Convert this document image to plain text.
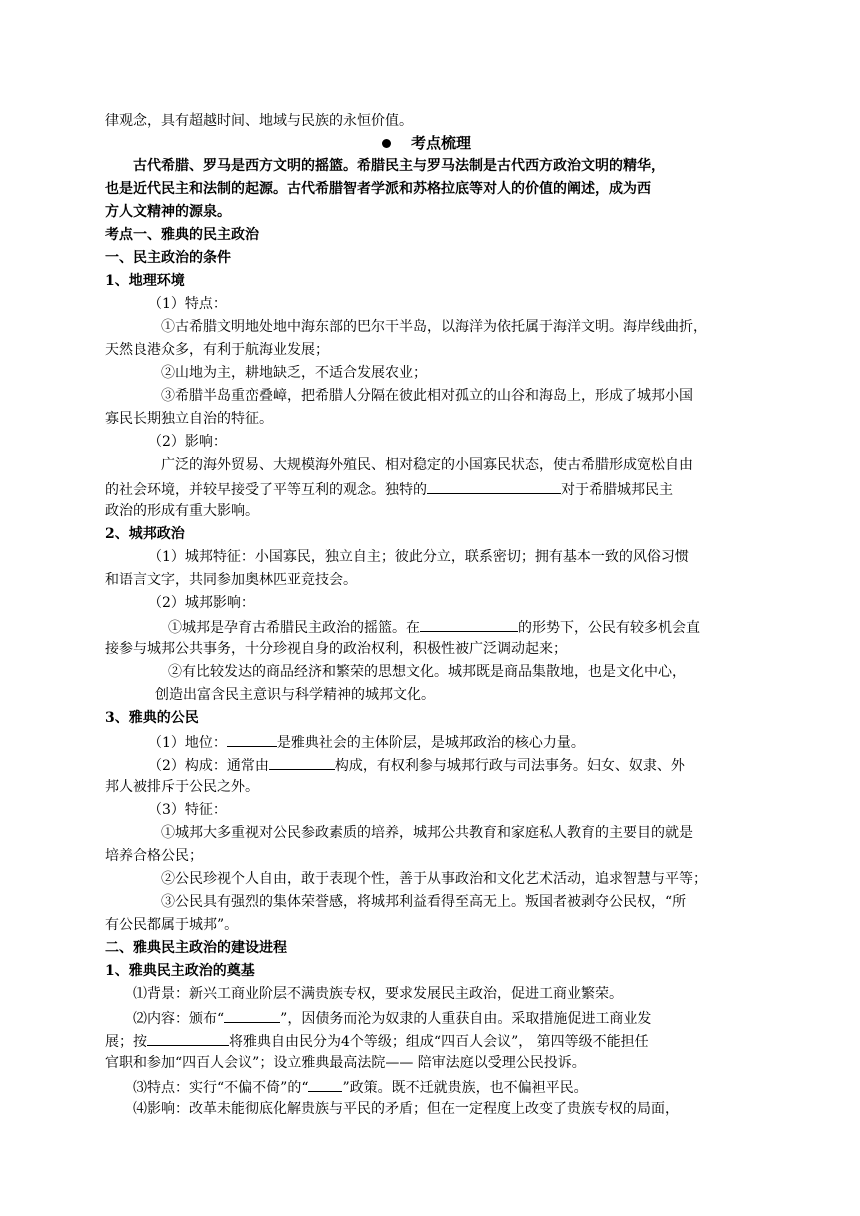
律观念，具有超越时间、地域与民族的永恒价值。
考点梳理
古代希腊、罗马是西方文明的摇篮。希腊民主与罗马法制是古代西方政治文明的精华，
也是近代民主和法制的起源。古代希腊智者学派和苏格拉底等对人的价值的阐述，成为西
方人文精神的源泉。
考点一、雅典的民主政治
一、民主政治的条件
1、地理环境
（1）特点：
①古希腊文明地处地中海东部的巴尔干半岛，以海洋为依托属于海洋文明。海岸线曲折，
天然良港众多，有利于航海业发展；
②山地为主，耕地缺乏，不适合发展农业；
③希腊半岛重峦叠嶂，把希腊人分隔在彼此相对孤立的山谷和海岛上，形成了城邦小国
寡民长期独立自治的特征。
（2）影响：
广泛的海外贸易、大规模海外殖民、相对稳定的小国寡民状态，使古希腊形成宽松自由
的社会环境，并较早接受了平等互利的观念。独特的	对于希腊城邦民主
政治的形成有重大影响。
2、城邦政治
（1）城邦特征：小国寡民，独立自主；彼此分立，联系密切；拥有基本一致的风俗习惯
和语言文字，共同参加奥林匹亚竞技会。
（2）城邦影响：
①城邦是孕育古希腊民主政治的摇篮。在	的形势下，公民有较多机会直
接参与城邦公共事务，十分珍视自身的政治权利，积极性被广泛调动起来；
②有比较发达的商品经济和繁荣的思想文化。城邦既是商品集散地，也是文化中心，
创造出富含民主意识与科学精神的城邦文化。
3、雅典的公民
（1）地位：	是雅典社会的主体阶层，是城邦政治的核心力量。
（2）构成：通常由	构成，有权利参与城邦行政与司法事务。妇女、奴隶、外
邦人被排斥于公民之外。
（3）特征：
①城邦大多重视对公民参政素质的培养，城邦公共教育和家庭私人教育的主要目的就是
培养合格公民；
②公民珍视个人自由，敢于表现个性，善于从事政治和文化艺术活动，追求智慧与平等；
③公民具有强烈的集体荣誉感，将城邦利益看得至高无上。叛国者被剥夺公民权，“所
有公民都属于城邦”。
二、雅典民主政治的建设进程
1、雅典民主政治的奠基
⑴背景：新兴工商业阶层不满贵族专权，要求发展民主政治，促进工商业繁荣。
⑵内容：颁布“	”，因债务而沦为奴隶的人重获自由。采取措施促进工商业发
展；按	将雅典自由民分为4个等级；组成“四百人会议”， 第四等级不能担任
官职和参加“四百人会议”；设立雅典最高法院—— 陪审法庭以受理公民投诉。
⑶特点：实行“不偏不倚”的“ ”政策。既不迁就贵族，也不偏袒平民。
⑷影响：改革未能彻底化解贵族与平民的矛盾；但在一定程度上改变了贵族专权的局面，
